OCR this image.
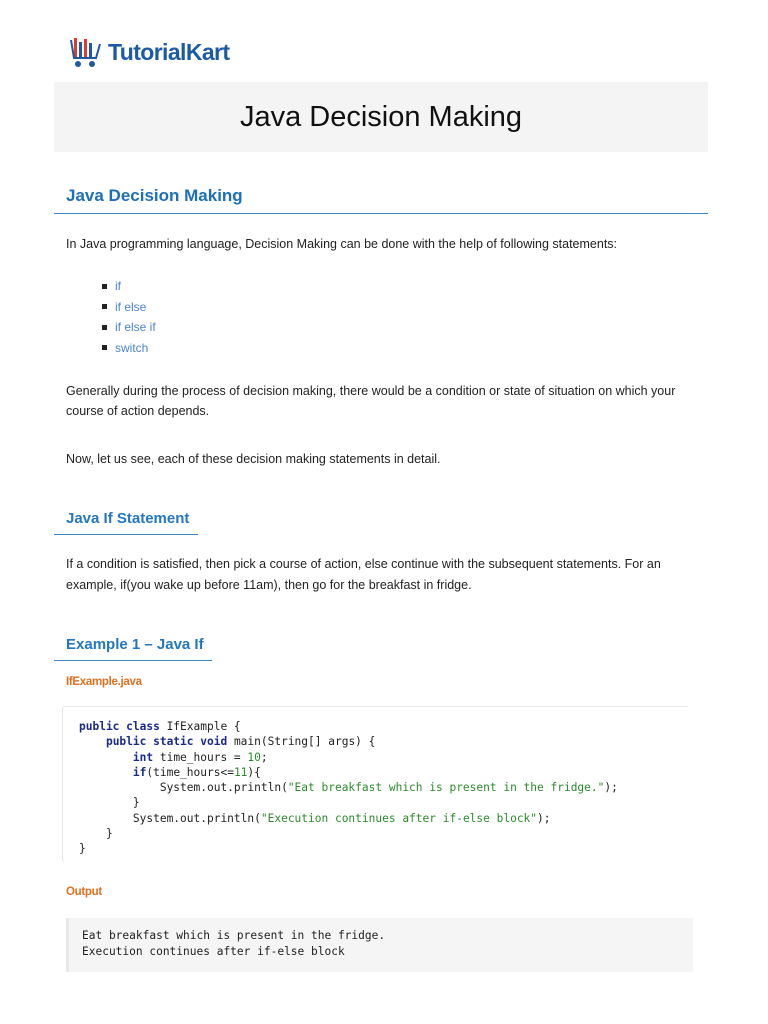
TutorialKart
Java Decision Making
Java Decision Making

In Java programming language, Decision Making can be done with the help of following statements:

if
if else
if else if
switch

Generally during the process of decision making, there would be a condition or state of situation on which your

course of action depends.

Now, let us see, each of these decision making statements in detail.

Java If Statement

If a condition is satisfied, then pick a course of action, else continue with the subsequent statements. For an

example, if(you wake up before 11am), then go for the breakfast in fridge.

Example 1 – Java If
IfExample.java
public class IfExample {
public static void main(String[] args) {
int time_hours = 10;
if(time_hours<=11){
System.out.println("Eat breakfast which is present in the fridge.");
}
System.out.println("Execution continues after if-else block");
}
}
Output
Eat breakfast which is present in the fridge.
Execution continues after if-else block
